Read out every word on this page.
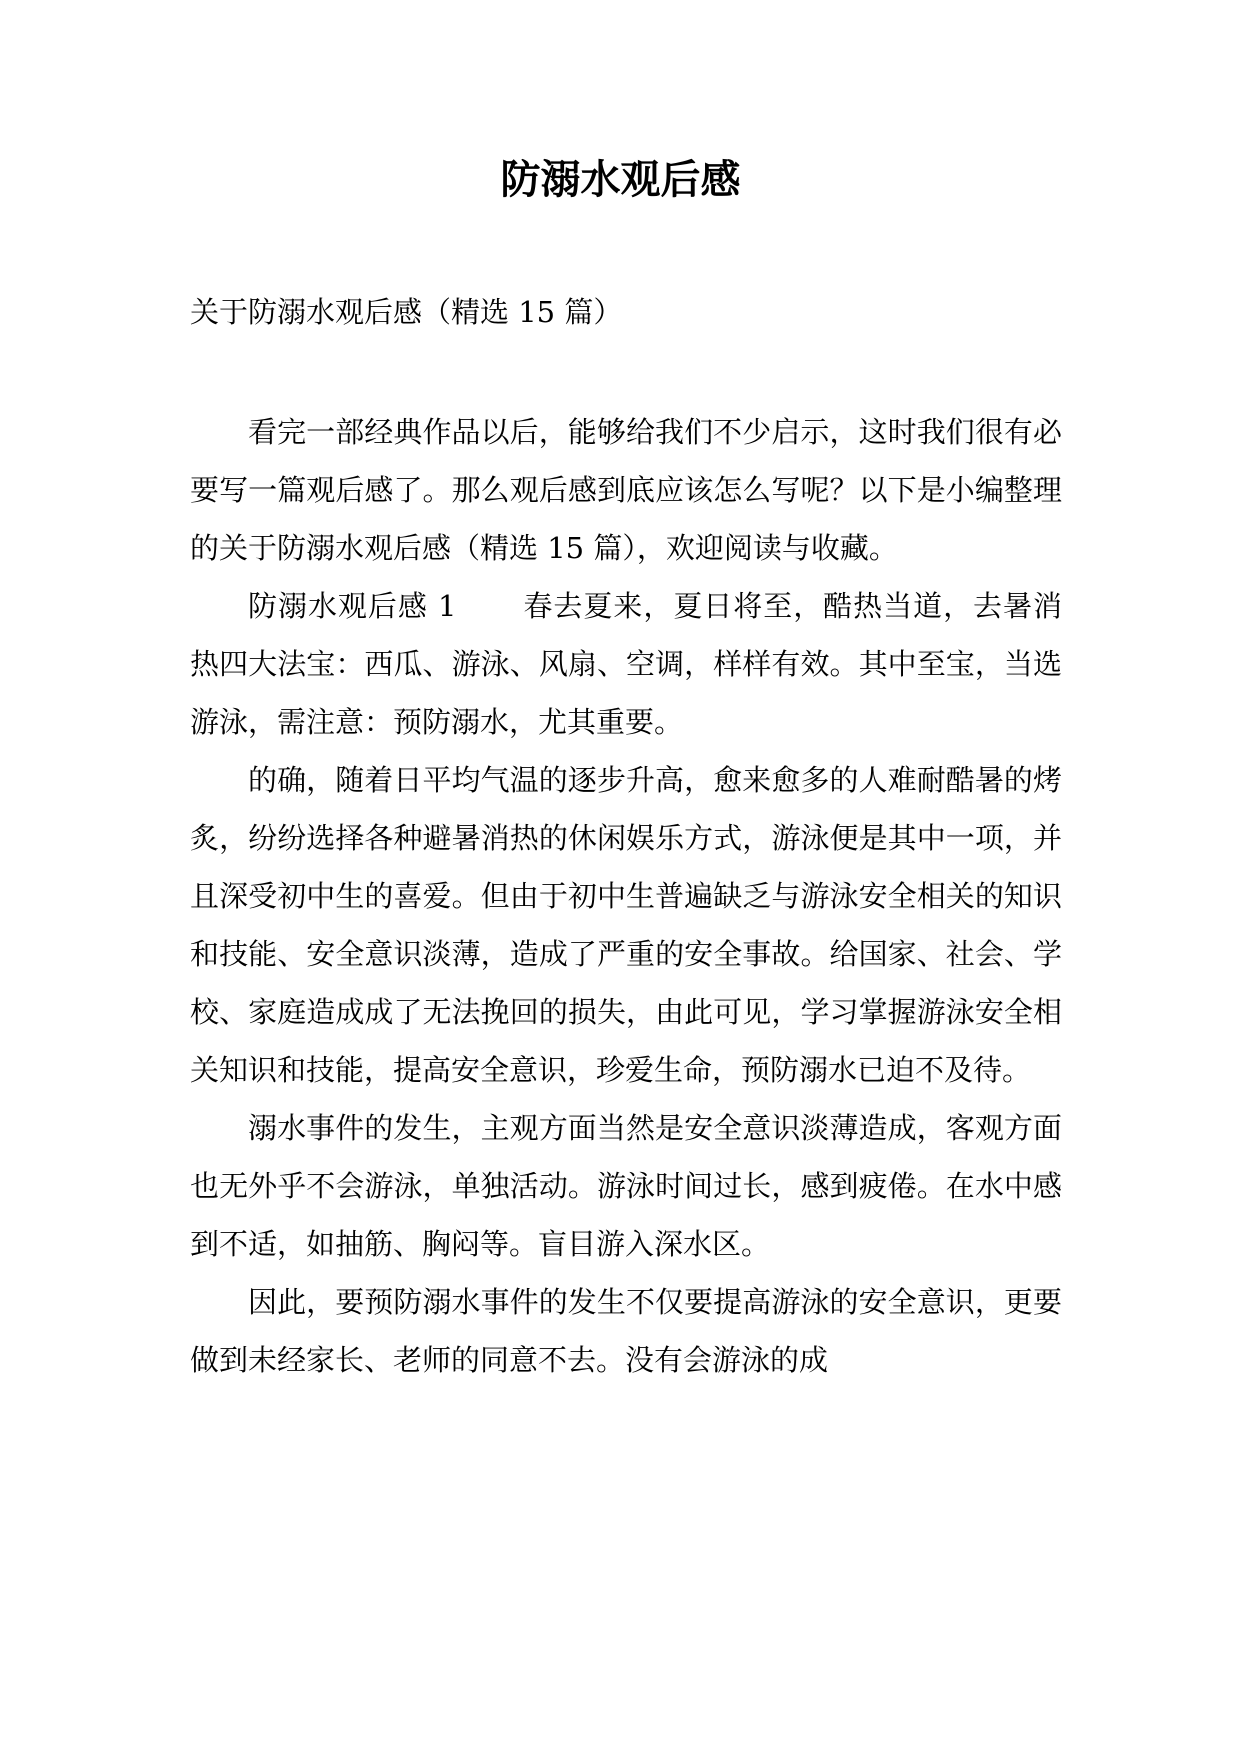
防溺水观后感

关于防溺水观后感（精选 15 篇）

看完一部经典作品以后，能够给我们不少启示，这时我们很有必要写一篇观后感了。那么观后感到底应该怎么写呢？以下是小编整理的关于防溺水观后感（精选 15 篇），欢迎阅读与收藏。

防溺水观后感 1 春去夏来，夏日将至，酷热当道，去暑消热四大法宝：西瓜、游泳、风扇、空调，样样有效。其中至宝，当选游泳，需注意：预防溺水，尤其重要。

的确，随着日平均气温的逐步升高，愈来愈多的人难耐酷暑的烤炙，纷纷选择各种避暑消热的休闲娱乐方式，游泳便是其中一项，并且深受初中生的喜爱。但由于初中生普遍缺乏与游泳安全相关的知识和技能、安全意识淡薄，造成了严重的安全事故。给国家、社会、学校、家庭造成成了无法挽回的损失，由此可见，学习掌握游泳安全相关知识和技能，提高安全意识，珍爱生命，预防溺水已迫不及待。

溺水事件的发生，主观方面当然是安全意识淡薄造成，客观方面也无外乎不会游泳，单独活动。游泳时间过长，感到疲倦。在水中感到不适，如抽筋、胸闷等。盲目游入深水区。

因此，要预防溺水事件的发生不仅要提高游泳的安全意识，更要做到未经家长、老师的同意不去。没有会游泳的成
